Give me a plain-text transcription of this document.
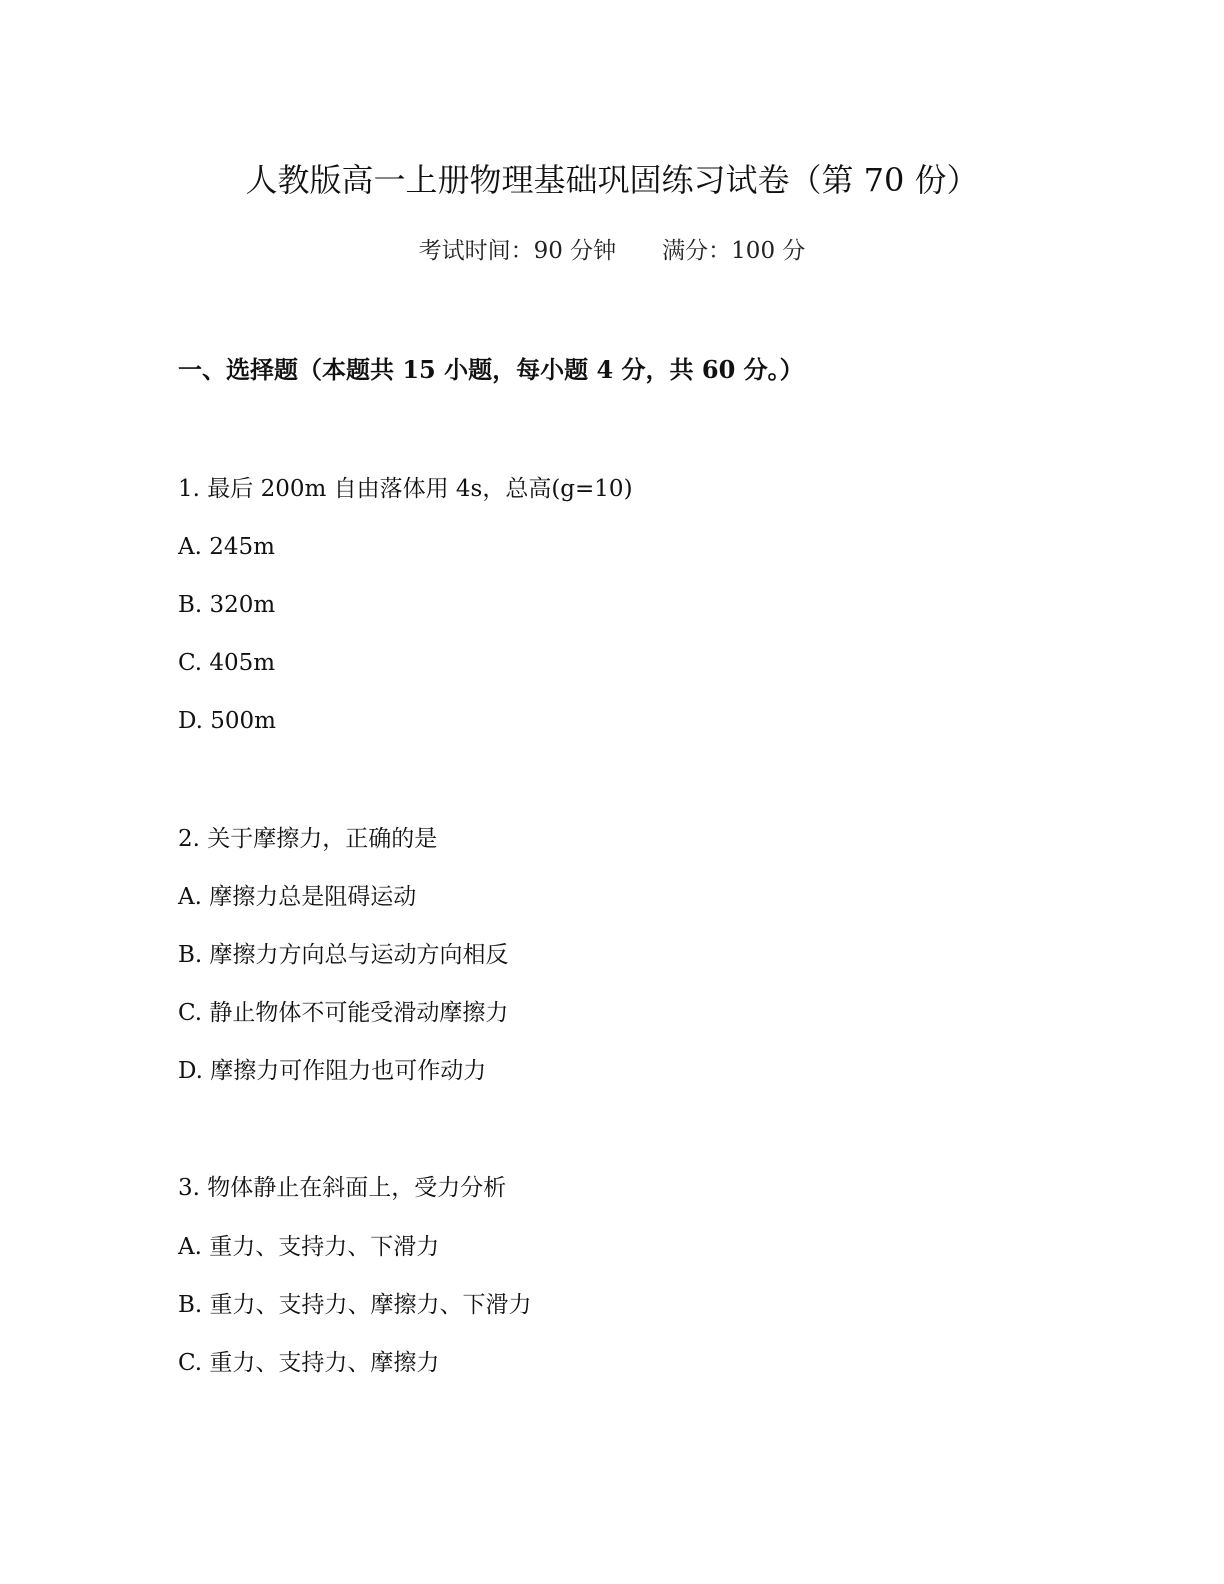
人教版高一上册物理基础巩固练习试卷（第 70 份）
考试时间：90 分钟 满分：100 分
一、选择题（本题共 15 小题，每小题 4 分，共 60 分。）
1. 最后 200m 自由落体用 4s，总高(g=10)
A. 245m
B. 320m
C. 405m
D. 500m
2. 关于摩擦力，正确的是
A. 摩擦力总是阻碍运动
B. 摩擦力方向总与运动方向相反
C. 静止物体不可能受滑动摩擦力
D. 摩擦力可作阻力也可作动力
3. 物体静止在斜面上，受力分析
A. 重力、支持力、下滑力
B. 重力、支持力、摩擦力、下滑力
C. 重力、支持力、摩擦力
